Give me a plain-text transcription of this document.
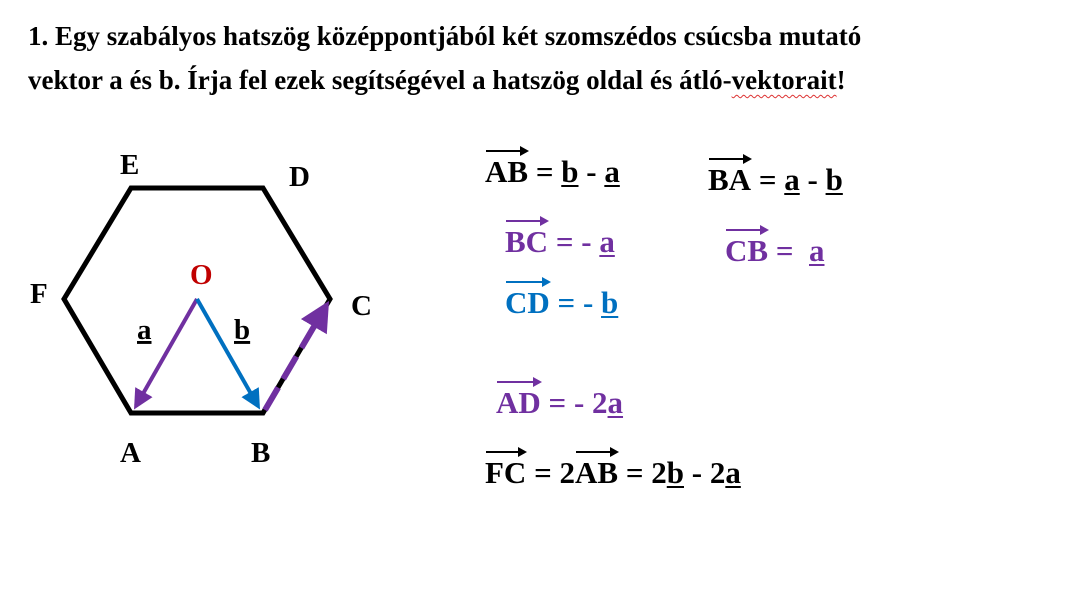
1. Egy szabályos hatszög középpontjából két szomszédos csúcsba mutató
vektor a és b. Írja fel ezek segítségével a hatszög oldal és átló-vektorait!

A	B
C
D
E
F
O
a	b
AB = b - a	BA = a - b
BC = - a	CB =  a
CD = - b
AD = - 2a
FC = 2AB = 2b - 2a
